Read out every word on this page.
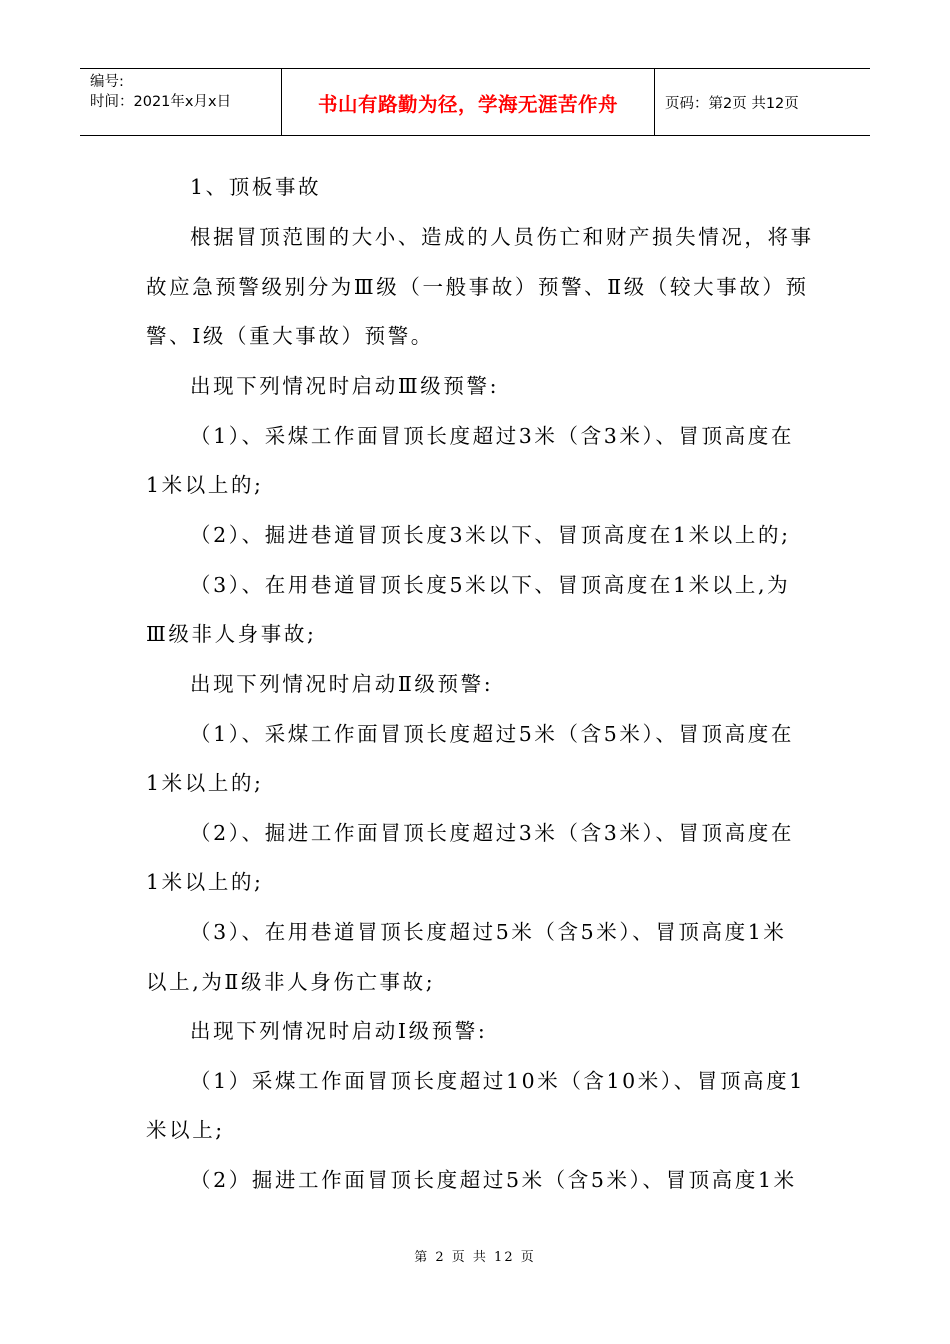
编号:
时间：2021年x月x日	书山有路勤为径，学海无涯苦作舟	页码：第2页 共12页
1、顶板事故
根据冒顶范围的大小、造成的人员伤亡和财产损失情况，将事
故应急预警级别分为Ⅲ级（一般事故）预警、Ⅱ级（较大事故）预
警、Ⅰ级（重大事故）预警。
出现下列情况时启动Ⅲ级预警:
（1）、采煤工作面冒顶长度超过3米（含3米）、冒顶高度在
1米以上的;
（2）、掘进巷道冒顶长度3米以下、冒顶高度在1米以上的;
（3）、在用巷道冒顶长度5米以下、冒顶高度在1米以上,为
Ⅲ级非人身事故;
出现下列情况时启动Ⅱ级预警:
（1）、采煤工作面冒顶长度超过5米（含5米）、冒顶高度在
1米以上的;
（2）、掘进工作面冒顶长度超过3米（含3米）、冒顶高度在
1米以上的;
（3）、在用巷道冒顶长度超过5米（含5米）、冒顶高度1米
以上,为Ⅱ级非人身伤亡事故;
出现下列情况时启动Ⅰ级预警:
（1）采煤工作面冒顶长度超过10米（含10米）、冒顶高度1
米以上;
（2）掘进工作面冒顶长度超过5米（含5米）、冒顶高度1米
第 2 页 共 12 页
